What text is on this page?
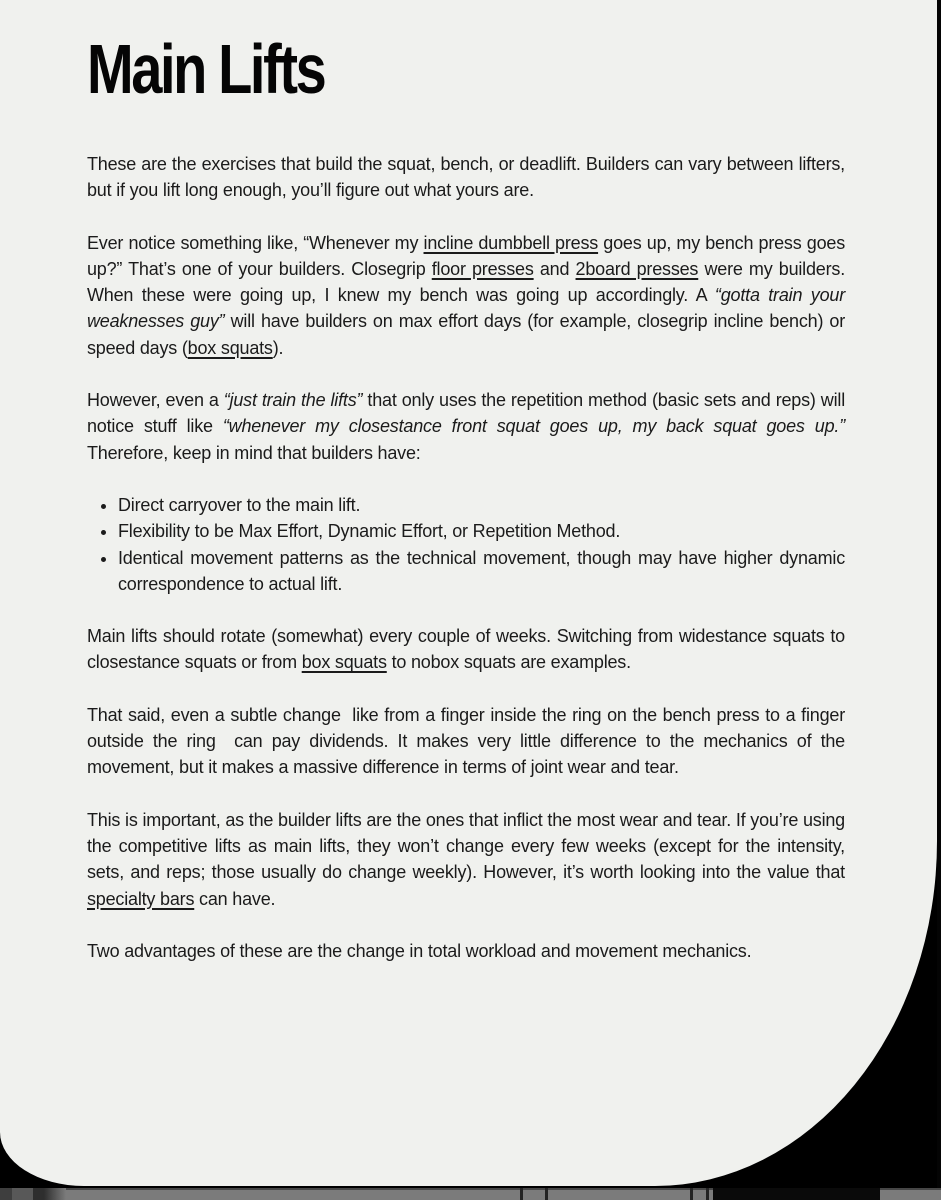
Main Lifts

These are the exercises that build the squat, bench, or deadlift. Builders can vary between lifters, but if you lift long enough, you’ll figure out what yours are.

Ever notice something like, “Whenever my incline dumbbell press goes up, my bench press goes up?” That’s one of your builders. Closegrip floor presses and 2board presses were my builders. When these were going up, I knew my bench was going up accordingly. A “gotta train your weaknesses guy” will have builders on max effort days (for example, closegrip incline bench) or speed days (box squats).

However, even a “just train the lifts” that only uses the repetition method (basic sets and reps) will notice stuff like “whenever my closestance front squat goes up, my back squat goes up.” Therefore, keep in mind that builders have:

• Direct carryover to the main lift.
• Flexibility to be Max Effort, Dynamic Effort, or Repetition Method.
• Identical movement patterns as the technical movement, though may have higher dynamic correspondence to actual lift.

Main lifts should rotate (somewhat) every couple of weeks. Switching from widestance squats to closestance squats or from box squats to nobox squats are examples.

That said, even a subtle change  like from a finger inside the ring on the bench press to a finger outside the ring  can pay dividends. It makes very little difference to the mechanics of the movement, but it makes a massive difference in terms of joint wear and tear.

This is important, as the builder lifts are the ones that inflict the most wear and tear. If you’re using the competitive lifts as main lifts, they won’t change every few weeks (except for the intensity, sets, and reps; those usually do change weekly). However, it’s worth looking into the value that specialty bars can have.

Two advantages of these are the change in total workload and movement mechanics.
